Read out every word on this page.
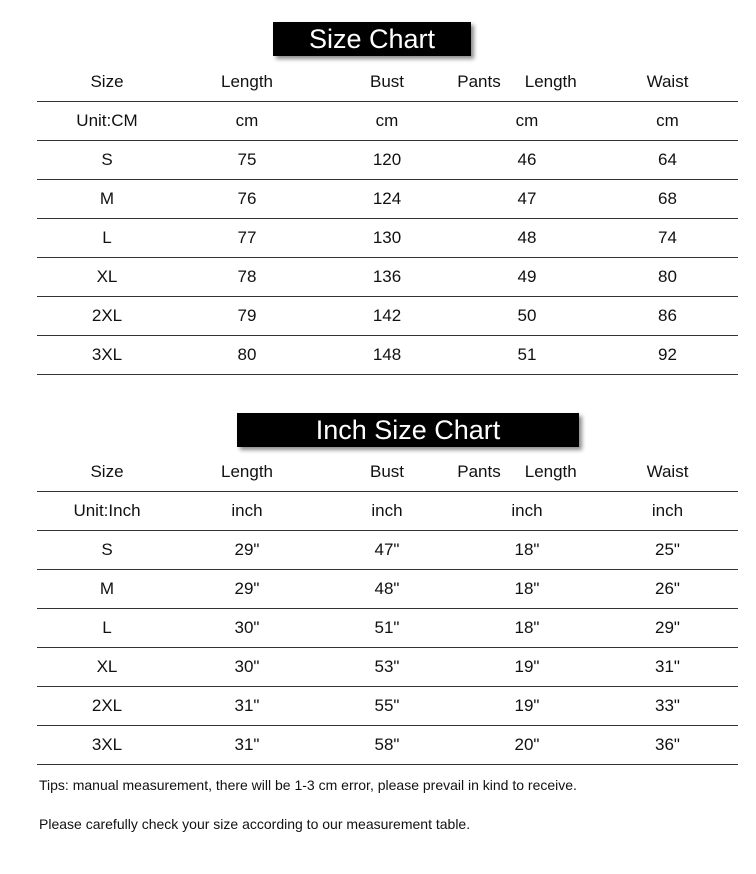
Size Chart
Size	Length	Bust	Pants Length	Waist
Unit:CM	cm	cm	cm	cm
S	75	120	46	64
M	76	124	47	68
L	77	130	48	74
XL	78	136	49	80
2XL	79	142	50	86
3XL	80	148	51	92
Inch Size Chart
Size	Length	Bust	Pants Length	Waist
Unit:Inch	inch	inch	inch	inch
S	29"	47"	18"	25"
M	29"	48"	18"	26"
L	30"	51"	18"	29"
XL	30"	53"	19"	31"
2XL	31"	55"	19"	33"
3XL	31"	58"	20"	36"
Tips: manual measurement, there will be 1-3 cm error, please prevail in kind to receive.
Please carefully check your size according to our measurement table.
